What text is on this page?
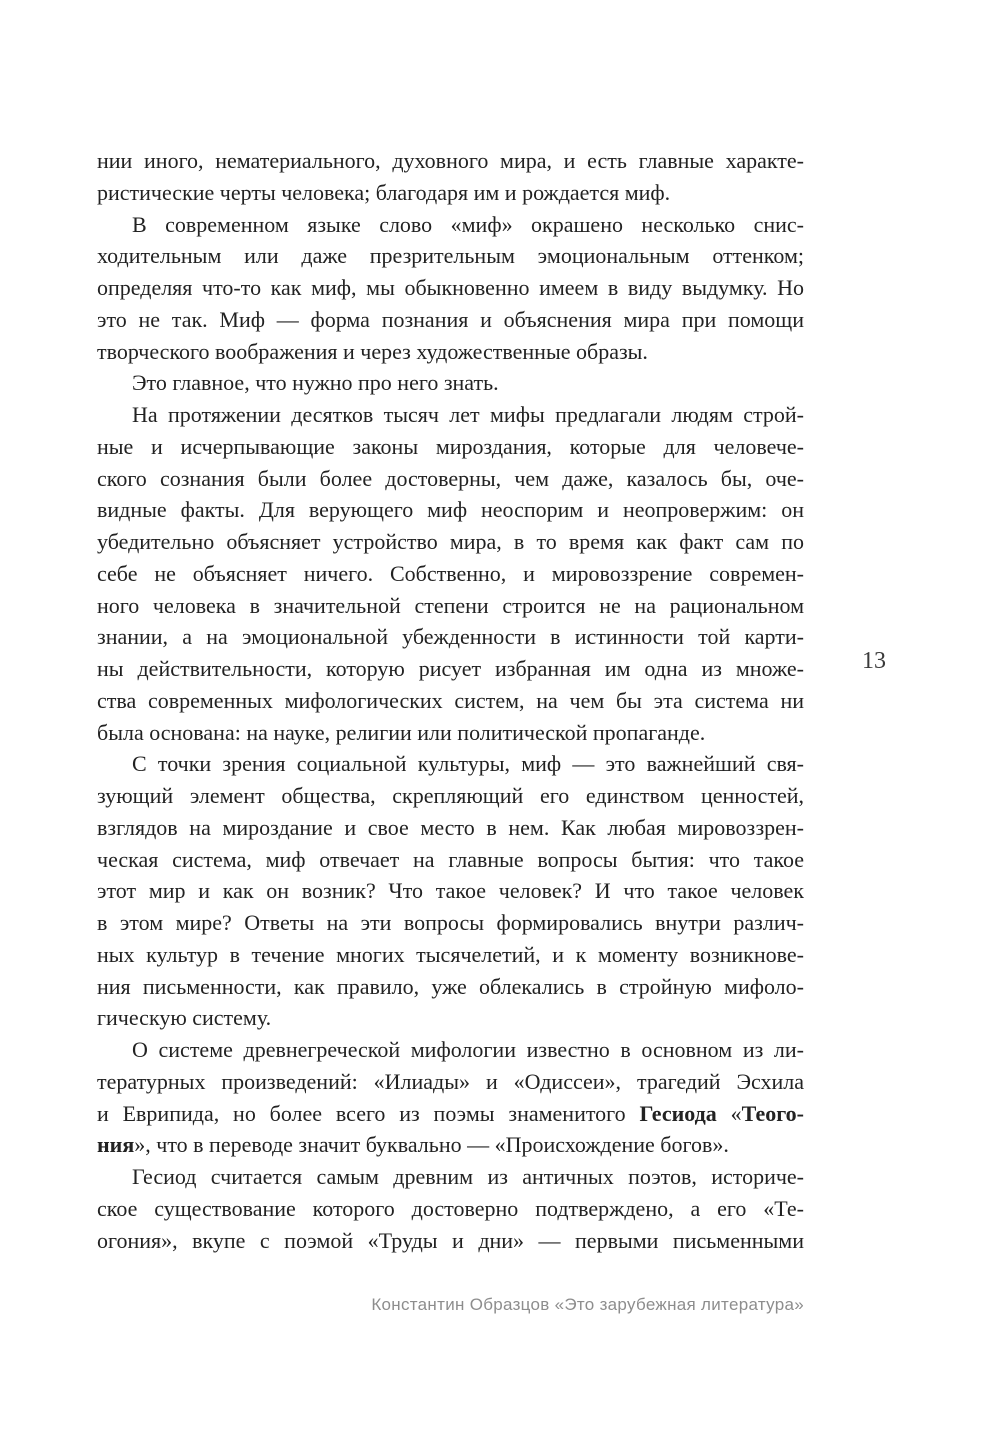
нии иного, нематериального, духовного мира, и есть главные характе-
ристические черты человека; благодаря им и рождается миф.
В современном языке слово «миф» окрашено несколько снис-
ходительным или даже презрительным эмоциональным оттенком;
определяя что-то как миф, мы обыкновенно имеем в виду выдумку. Но
это не так. Миф — форма познания и объяснения мира при помощи
творческого воображения и через художественные образы.
Это главное, что нужно про него знать.
На протяжении десятков тысяч лет мифы предлагали людям строй-
ные и исчерпывающие законы мироздания, которые для человече-
ского сознания были более достоверны, чем даже, казалось бы, оче-
видные факты. Для верующего миф неоспорим и неопровержим: он
убедительно объясняет устройство мира, в то время как факт сам по
себе не объясняет ничего. Собственно, и мировоззрение современ-
ного человека в значительной степени строится не на рациональном
знании, а на эмоциональной убежденности в истинности той карти-
ны действительности, которую рисует избранная им одна из множе-
ства современных мифологических систем, на чем бы эта система ни
была основана: на науке, религии или политической пропаганде.
С точки зрения социальной культуры, миф — это важнейший свя-
зующий элемент общества, скрепляющий его единством ценностей,
взглядов на мироздание и свое место в нем. Как любая мировоззрен-
ческая система, миф отвечает на главные вопросы бытия: что такое
этот мир и как он возник? Что такое человек? И что такое человек
в этом мире? Ответы на эти вопросы формировались внутри различ-
ных культур в течение многих тысячелетий, и к моменту возникнове-
ния письменности, как правило, уже облекались в стройную мифоло-
гическую систему.
О системе древнегреческой мифологии известно в основном из ли-
тературных произведений: «Илиады» и «Одиссеи», трагедий Эсхила
и Еврипида, но более всего из поэмы знаменитого Гесиода «Теого-
ния», что в переводе значит буквально — «Происхождение богов».
Гесиод считается самым древним из античных поэтов, историче-
ское существование которого достоверно подтверждено, а его «Те-
огония», вкупе с поэмой «Труды и дни» — первыми письменными
13
Константин Образцов «Это зарубежная литература»
